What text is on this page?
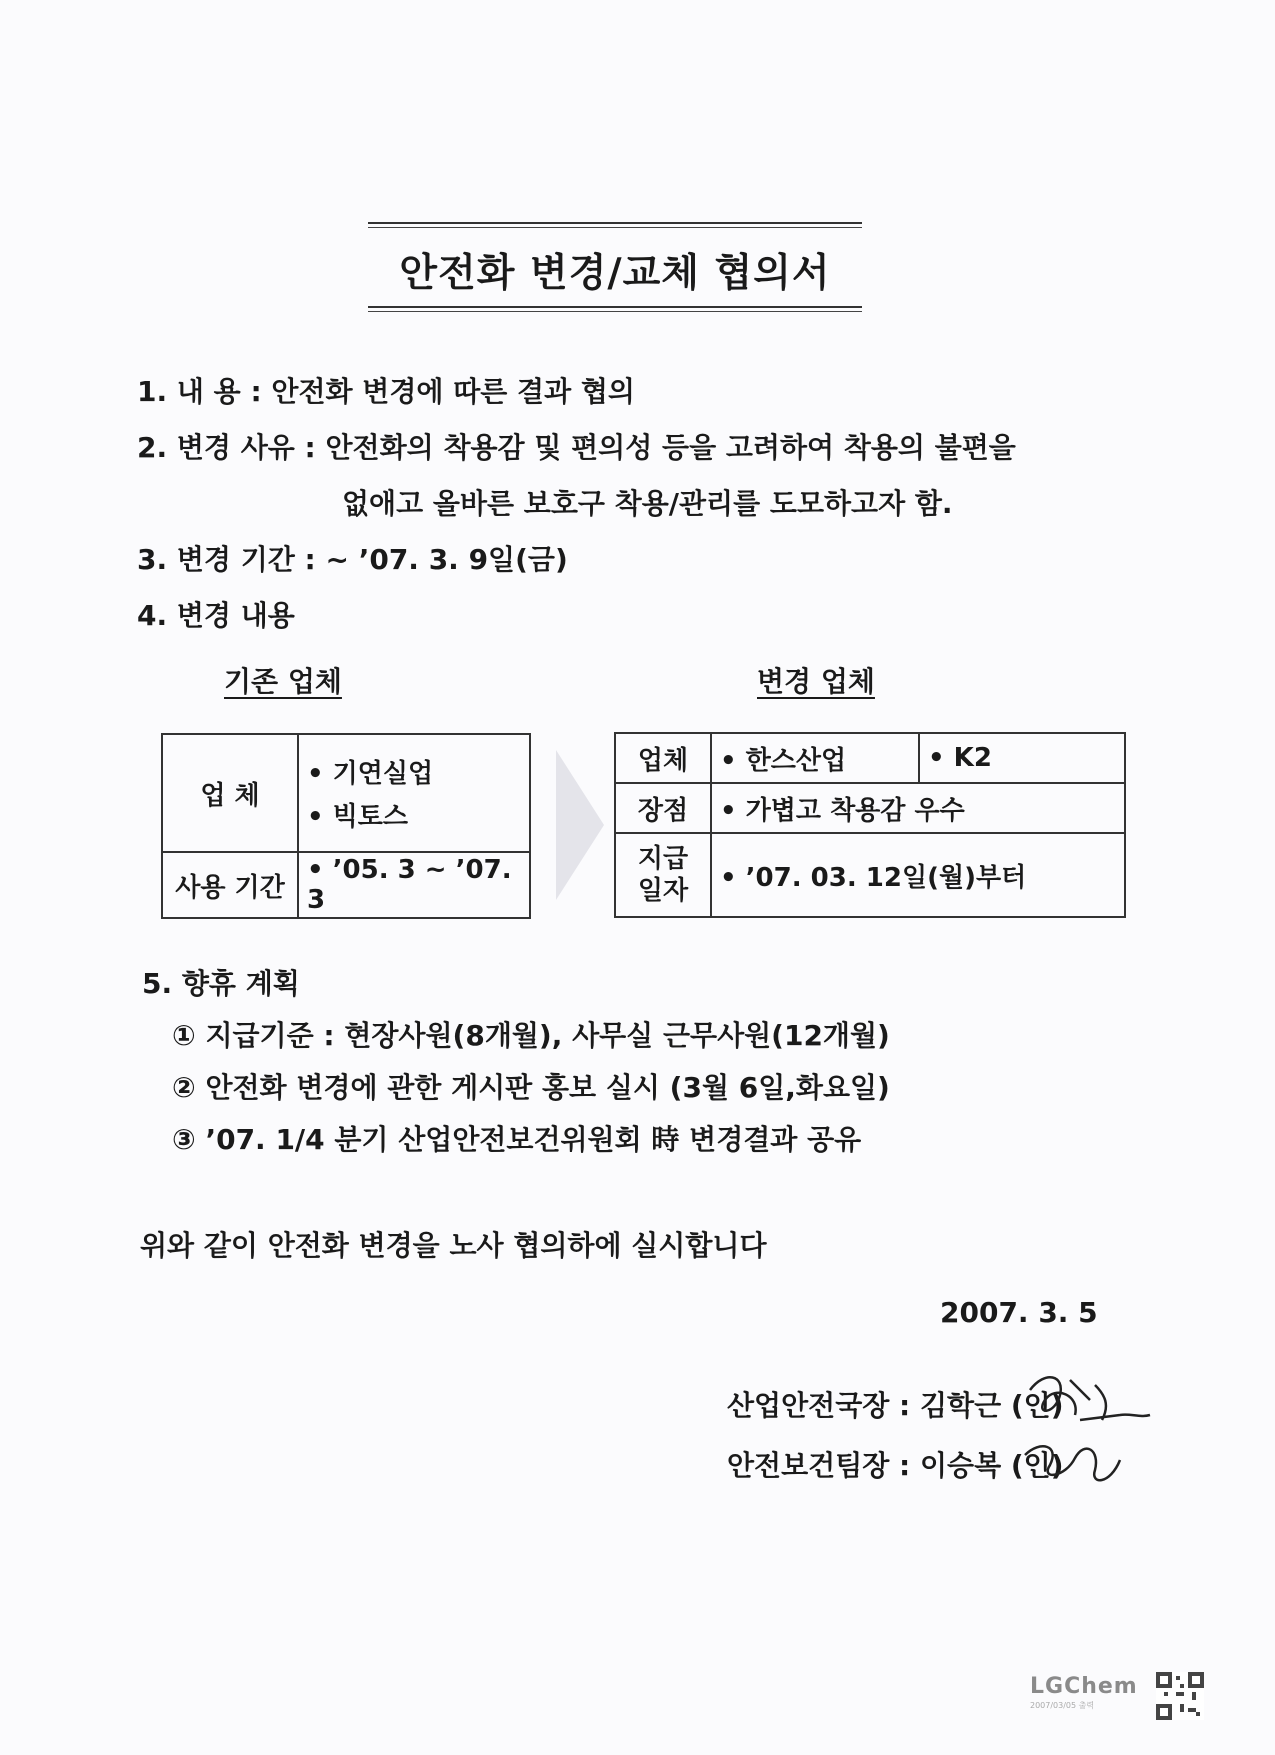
안전화 변경/교체 협의서
1. 내 용 : 안전화 변경에 따른 결과 협의
2. 변경 사유 : 안전화의 착용감 및 편의성 등을 고려하여 착용의 불편을
없애고 올바른 보호구 착용/관리를 도모하고자 함.
3. 변경 기간 : ~ ’07. 3. 9일(금)
4. 변경 내용
기존 업체	변경 업체
업 체	• 기연실업
• 빅토스

사용 기간	• ’05. 3 ~ ’07. 3
업체	• 한스산업	• K2
장점	• 가볍고 착용감 우수	

지급
일자	• ’07. 03. 12일(월)부터	
5. 향휴 계획
① 지급기준 : 현장사원(8개월), 사무실 근무사원(12개월)
② 안전화 변경에 관한 게시판 홍보 실시 (3월 6일,화요일)
③ ’07. 1/4 분기 산업안전보건위원회 時 변경결과 공유
위와 같이 안전화 변경을 노사 협의하에 실시합니다
2007. 3. 5
산업안전국장 : 김학근 (인)
안전보건팀장 : 이승복 (인)
LGChem
2007/03/05 출력
